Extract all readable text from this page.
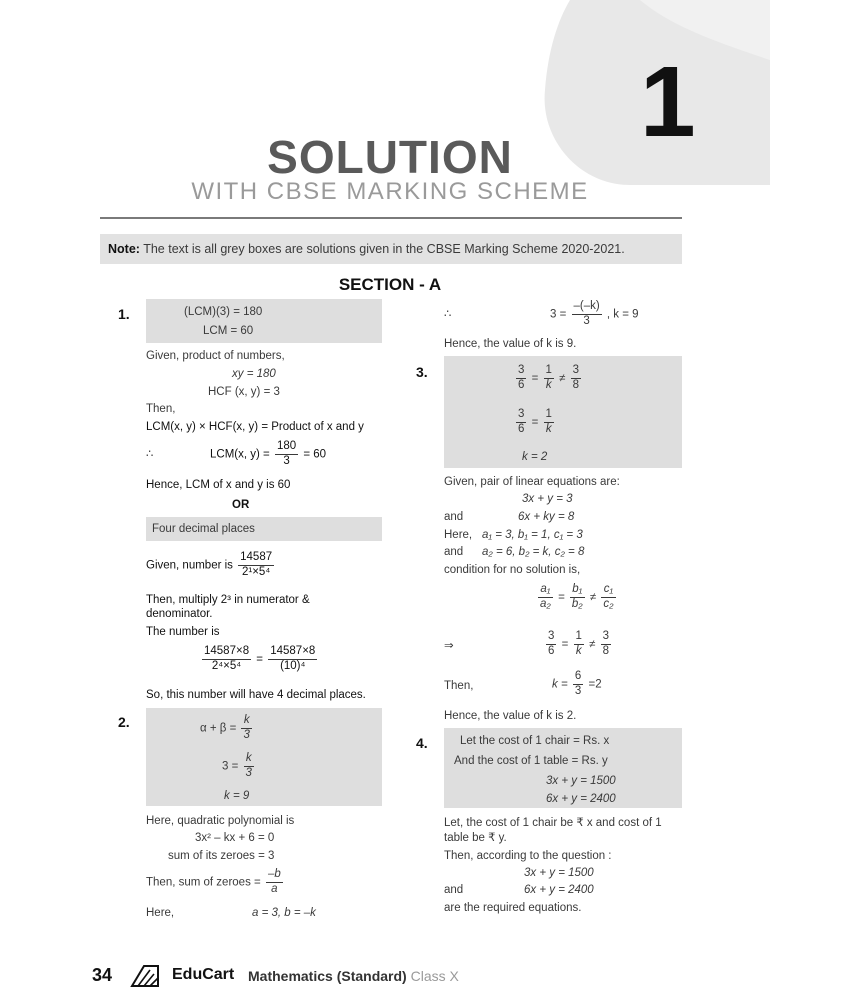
1
SOLUTION
WITH CBSE MARKING SCHEME
Note: The text is all grey boxes are solutions given in the CBSE Marking Scheme 2020-2021.
SECTION - A
1.	(LCM)(3) = 180
LCM = 60
Given, product of numbers,
xy = 180
HCF (x, y) = 3
Then,
LCM(x, y) × HCF(x, y) = Product of x and y
∴	LCM(x, $y) = \frac{180}{3} = 60$
Hence, LCM of x and y is 60
OR
Four decimal places
Given, number is $\frac{14587}{\text{2¹×5⁴}}$
Then, multiply 2³ in numerator &
denominator.
The number is
$\frac{14587\times 8}{\text{2⁴×5⁴}} = \frac{14587\times 8}{\text{(10)⁴}}$
So, this number will have 4 decimal places.
2.	$\alpha + \beta = \frac{k}{3}$
$3 = \frac{k}{3}$
k = 9
Here, quadratic polynomial is
3x² – kx + 6 = 0
sum of its zeroes = 3
Then, sum of zeroes = $\frac{-b}{a}$
Here,	a = 3, b = –k
∴	$3 = \frac{-(-k)}{3}$ , k = 9
Hence, the value of k is 9.
3.	$\frac{3}{6} = \frac{1}{k} \ne \frac{3}{8}$
$\frac{3}{6} = \frac{1}{k}$
k = 2
Given, pair of linear equations are:
3x + y = 3
and	6x + ky = 8
Here, a₁ = 3, b₁ = 1, c₁ = 3
and a₂ = 6, b₂ = k, c₂ = 8
condition for no solution is,
$\frac{\text{a₁}}{\text{a₂}} = \frac{\text{b₁}}{\text{b₂}} \ne \frac{\text{c₁}}{\text{c₂}}$
⇒	$\frac{3}{6} = \frac{1}{k} \ne \frac{3}{8}$
Then,	$k = \frac{6}{3} =2$
Hence, the value of k is 2.
4.	Let the cost of 1 chair = Rs. x
And the cost of 1 table = Rs. y
3x + y = 1500
6x + y = 2400
Let, the cost of 1 chair be ₹ x and cost of 1
table be ₹ y.
Then, according to the question :
3x + y = 1500
and	6x + y = 2400
are the required equations.
34	EduCart Mathematics (Standard) Class X
